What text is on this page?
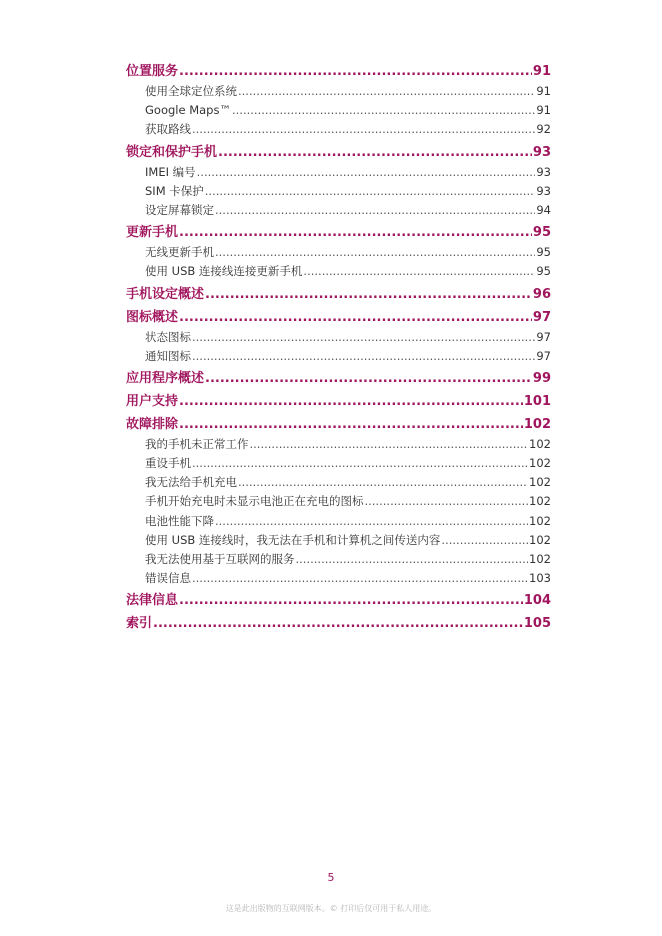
位置服务 .....	91
使用全球定位系统 .....	91
Google Maps™ .....	91
获取路线 .....	92
锁定和保护手机 .....	93
IMEI 编号 .....	93
SIM 卡保护 .....	93
设定屏幕锁定 .....	94
更新手机 .....	95
无线更新手机 .....	95
使用 USB 连接线连接更新手机 .....	95
手机设定概述 .....	96
图标概述 .....	97
状态图标 .....	97
通知图标 .....	97
应用程序概述 .....	99
用户支持 .....	101
故障排除 .....	102
我的手机未正常工作 .....	102
重设手机 .....	102
我无法给手机充电 .....	102
手机开始充电时未显示电池正在充电的图标 .....	102
电池性能下降 .....	102
使用 USB 连接线时，我无法在手机和计算机之间传送内容 .....	102
我无法使用基于互联网的服务 .....	102
错误信息 .....	103
法律信息 .....	104
索引 .....	105
5
这是此出版物的互联网版本。© 打印后仅可用于私人用途。
